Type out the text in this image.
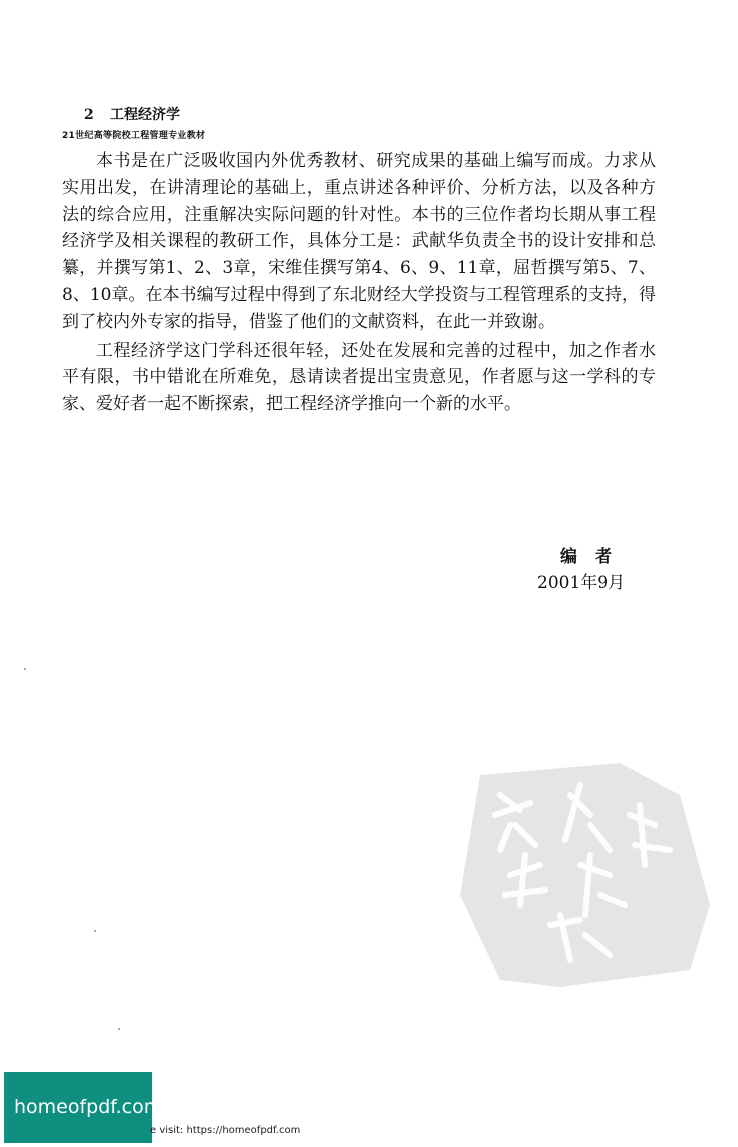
2 工程经济学
21世纪高等院校工程管理专业教材

本书是在广泛吸收国内外优秀教材、研究成果的基础上编写而成。力求从实用出发，在讲清理论的基础上，重点讲述各种评价、分析方法，以及各种方法的综合应用，注重解决实际问题的针对性。本书的三位作者均长期从事工程经济学及相关课程的教研工作，具体分工是：武献华负责全书的设计安排和总纂，并撰写第1、2、3章，宋维佳撰写第4、6、9、11章，屈哲撰写第5、7、8、10章。在本书编写过程中得到了东北财经大学投资与工程管理系的支持，得到了校内外专家的指导，借鉴了他们的文献资料，在此一并致谢。

工程经济学这门学科还很年轻，还处在发展和完善的过程中，加之作者水平有限，书中错讹在所难免，恳请读者提出宝贵意见，作者愿与这一学科的专家、爱好者一起不断探索，把工程经济学推向一个新的水平。

编者
2001年9月
homeofpdf.com
e visit: https://homeofpdf.com
